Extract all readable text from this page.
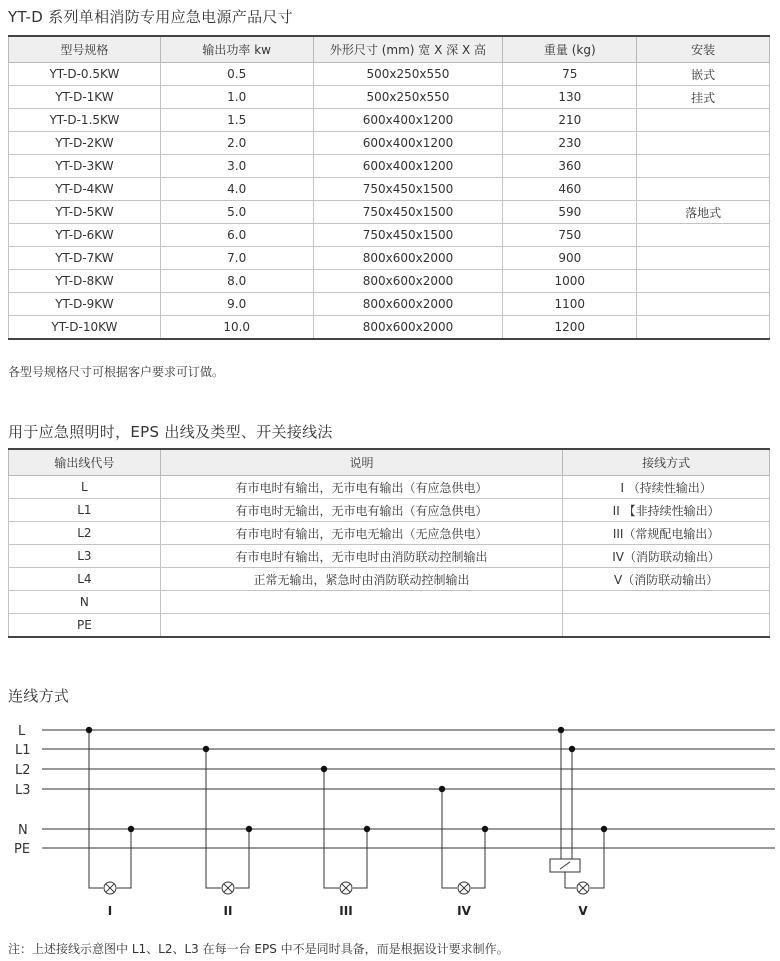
YT-D 系列单相消防专用应急电源产品尺寸
型号规格	输出功率 kw	外形尺寸 (mm) 宽 X 深 X 高	重量 (kg)	安装
YT-D-0.5KW	0.5	500x250x550	75	嵌式
YT-D-1KW	1.0	500x250x550	130	挂式
YT-D-1.5KW	1.5	600x400x1200	210	
YT-D-2KW	2.0	600x400x1200	230	
YT-D-3KW	3.0	600x400x1200	360	
YT-D-4KW	4.0	750x450x1500	460	
YT-D-5KW	5.0	750x450x1500	590	落地式
YT-D-6KW	6.0	750x450x1500	750	
YT-D-7KW	7.0	800x600x2000	900	
YT-D-8KW	8.0	800x600x2000	1000	
YT-D-9KW	9.0	800x600x2000	1100	
YT-D-10KW	10.0	800x600x2000	1200	
各型号规格尺寸可根据客户要求可订做。
用于应急照明时，EPS 出线及类型、开关接线法
输出线代号	说明	接线方式
L	有市电时有输出，无市电有输出（有应急供电）	I （持续性输出）
L1	有市电时无输出，无市电有输出（有应急供电）	II 【非持续性输出）
L2	有市电时有输出，无市电无输出（无应急供电）	III（常规配电输出）
L3	有市电时有输出，无市电时由消防联动控制输出	IV（消防联动输出）
L4	正常无输出，紧急时由消防联动控制输出	V（消防联动输出）
N		
PE		
连线方式
L
L1
L2
L3
N
PE
I	II	III	IV	V
注：上述接线示意图中 L1、L2、L3 在每一台 EPS 中不是同时具备，而是根据设计要求制作。
